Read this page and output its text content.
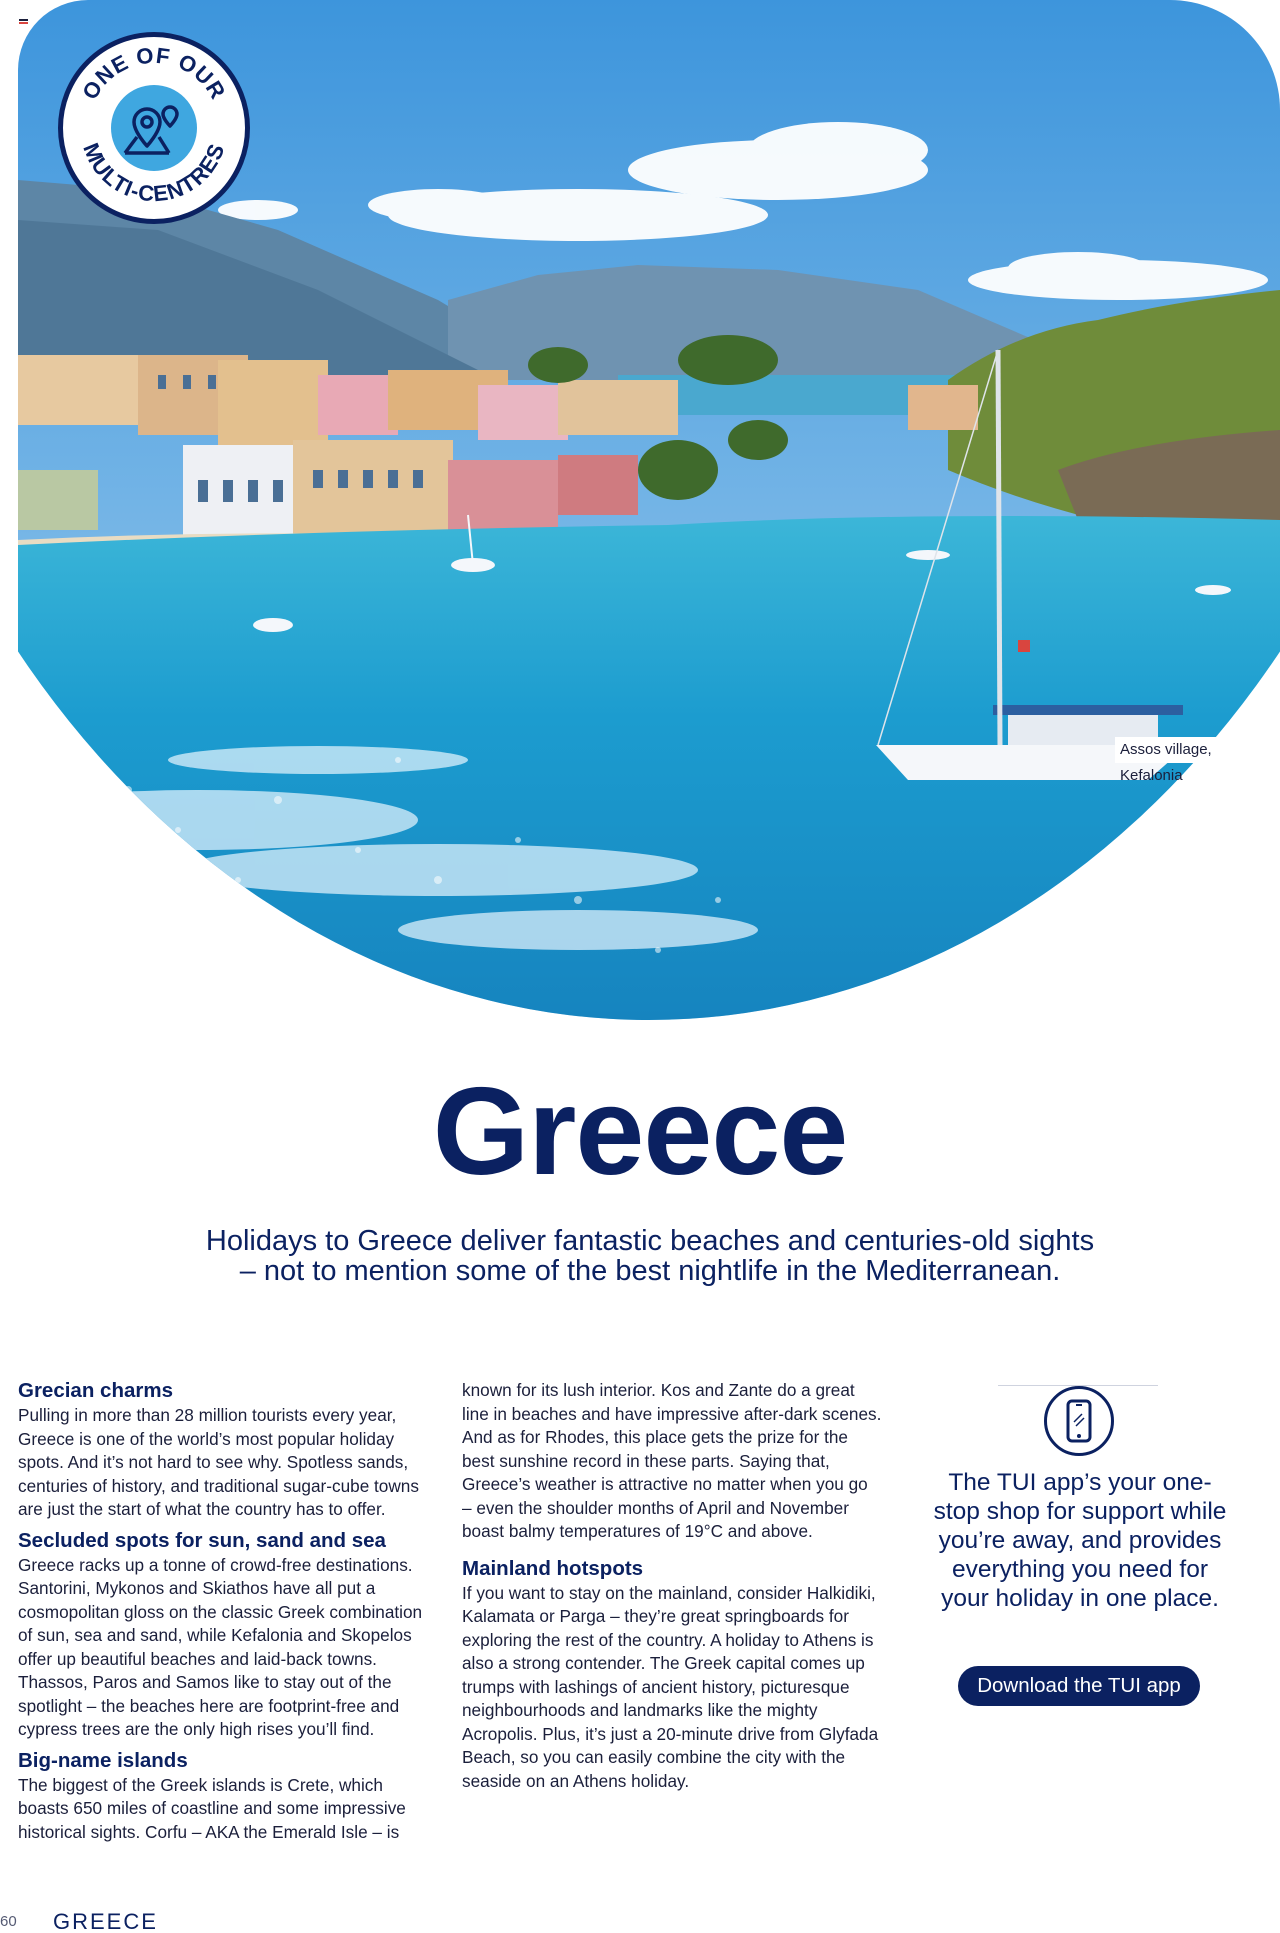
ONE OF OUR
MULTI-CENTRES
Assos village, Kefalonia
Greece
Holidays to Greece deliver fantastic beaches and centuries-old sights
– not to mention some of the best nightlife in the Mediterranean.
Grecian charms

Pulling in more than 28 million tourists every year, Greece is one of the world’s most popular holiday spots. And it’s not hard to see why. Spotless sands, centuries of history, and traditional sugar-cube towns are just the start of what the country has to offer.

Secluded spots for sun, sand and sea

Greece racks up a tonne of crowd-free destinations. Santorini, Mykonos and Skiathos have all put a cosmopolitan gloss on the classic Greek combination of sun, sea and sand, while Kefalonia and Skopelos offer up beautiful beaches and laid-back towns. Thassos, Paros and Samos like to stay out of the spotlight – the beaches here are footprint-free and cypress trees are the only high rises you’ll find.

Big-name islands

The biggest of the Greek islands is Crete, which boasts 650 miles of coastline and some impressive historical sights. Corfu – AKA the Emerald Isle – is

known for its lush interior. Kos and Zante do a great line in beaches and have impressive after-dark scenes. And as for Rhodes, this place gets the prize for the best sunshine record in these parts. Saying that, Greece’s weather is attractive no matter when you go – even the shoulder months of April and November boast balmy temperatures of 19°C and above.

Mainland hotspots

If you want to stay on the mainland, consider Halkidiki, Kalamata or Parga – they’re great springboards for exploring the rest of the country. A holiday to Athens is also a strong contender. The Greek capital comes up trumps with lashings of ancient history, picturesque neighbourhoods and landmarks like the mighty Acropolis. Plus, it’s just a 20-minute drive from Glyfada Beach, so you can easily combine the city with the seaside on an Athens holiday.

The TUI app’s your one-stop shop for support while you’re away, and provides everything you need for your holiday in one place.
Download the TUI app
60 GREECE
